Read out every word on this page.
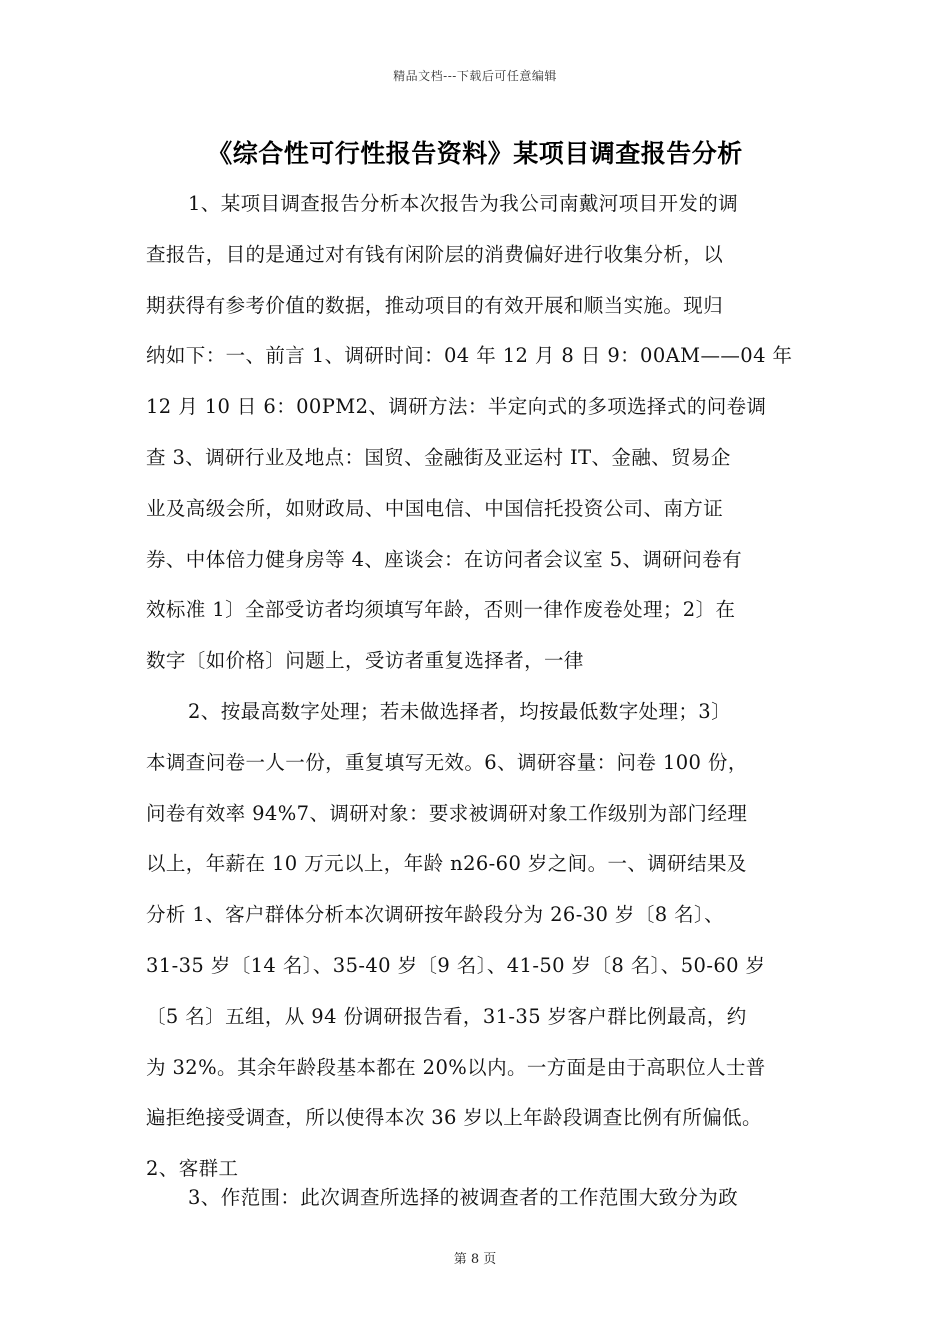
精品文档---下载后可任意编辑
《综合性可行性报告资料》某项目调查报告分析
1、某项目调查报告分析本次报告为我公司南戴河项目开发的调
查报告，目的是通过对有钱有闲阶层的消费偏好进行收集分析，以
期获得有参考价值的数据，推动项目的有效开展和顺当实施。现归
纳如下：一、前言 1、调研时间：04 年 12 月 8 日 9：00AM——04 年
12 月 10 日 6：00PM2、调研方法：半定向式的多项选择式的问卷调
查 3、调研行业及地点：国贸、金融街及亚运村 IT、金融、贸易企
业及高级会所，如财政局、中国电信、中国信托投资公司、南方证
券、中体倍力健身房等 4、座谈会：在访问者会议室 5、调研问卷有
效标准 1〕全部受访者均须填写年龄，否则一律作废卷处理；2〕在
数字〔如价格〕问题上，受访者重复选择者，一律
2、按最高数字处理；若未做选择者，均按最低数字处理；3〕
本调查问卷一人一份，重复填写无效。6、调研容量：问卷 100 份，
问卷有效率 94%7、调研对象：要求被调研对象工作级别为部门经理
以上，年薪在 10 万元以上，年龄 n26-60 岁之间。一、调研结果及
分析 1、客户群体分析本次调研按年龄段分为 26-30 岁〔8 名〕、
31-35 岁〔14 名〕、35-40 岁〔9 名〕、41-50 岁〔8 名〕、50-60 岁
〔5 名〕五组，从 94 份调研报告看，31-35 岁客户群比例最高，约
为 32%。其余年龄段基本都在 20%以内。一方面是由于高职位人士普
遍拒绝接受调查，所以使得本次 36 岁以上年龄段调查比例有所偏低。
2、客群工
3、作范围：此次调查所选择的被调查者的工作范围大致分为政
第 8 页
